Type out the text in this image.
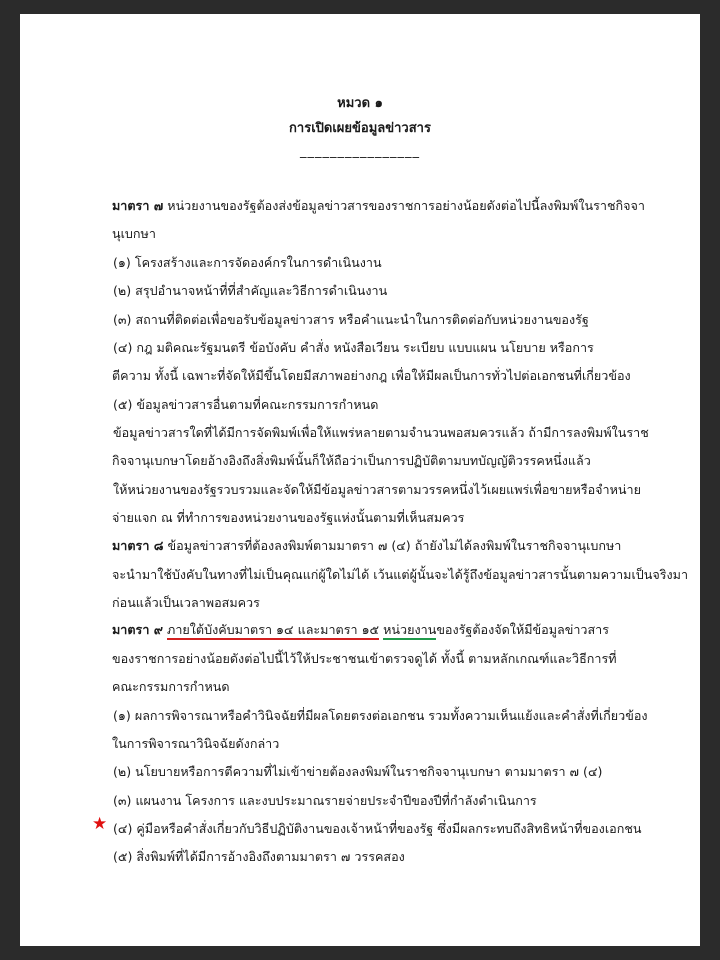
หมวด ๑
การเปิดเผยข้อมูลข่าวสาร
________________
มาตรา ๗ หน่วยงานของรัฐต้องส่งข้อมูลข่าวสารของราชการอย่างน้อยดังต่อไปนี้ลงพิมพ์ในราชกิจจา
นุเบกษา
(๑) โครงสร้างและการจัดองค์กรในการดำเนินงาน
(๒) สรุปอำนาจหน้าที่ที่สำคัญและวิธีการดำเนินงาน
(๓) สถานที่ติดต่อเพื่อขอรับข้อมูลข่าวสาร หรือคำแนะนำในการติดต่อกับหน่วยงานของรัฐ
(๔) กฎ มติคณะรัฐมนตรี ข้อบังคับ คำสั่ง หนังสือเวียน ระเบียบ แบบแผน นโยบาย หรือการ
ตีความ ทั้งนี้ เฉพาะที่จัดให้มีขึ้นโดยมีสภาพอย่างกฎ เพื่อให้มีผลเป็นการทั่วไปต่อเอกชนที่เกี่ยวข้อง
(๕) ข้อมูลข่าวสารอื่นตามที่คณะกรรมการกำหนด
ข้อมูลข่าวสารใดที่ได้มีการจัดพิมพ์เพื่อให้แพร่หลายตามจำนวนพอสมควรแล้ว ถ้ามีการลงพิมพ์ในราช
กิจจานุเบกษาโดยอ้างอิงถึงสิ่งพิมพ์นั้นก็ให้ถือว่าเป็นการปฏิบัติตามบทบัญญัติวรรคหนึ่งแล้ว
ให้หน่วยงานของรัฐรวบรวมและจัดให้มีข้อมูลข่าวสารตามวรรคหนึ่งไว้เผยแพร่เพื่อขายหรือจำหน่าย
จ่ายแจก ณ ที่ทำการของหน่วยงานของรัฐแห่งนั้นตามที่เห็นสมควร
มาตรา ๘ ข้อมูลข่าวสารที่ต้องลงพิมพ์ตามมาตรา ๗ (๔) ถ้ายังไม่ได้ลงพิมพ์ในราชกิจจานุเบกษา
จะนำมาใช้บังคับในทางที่ไม่เป็นคุณแก่ผู้ใดไม่ได้ เว้นแต่ผู้นั้นจะได้รู้ถึงข้อมูลข่าวสารนั้นตามความเป็นจริงมา
ก่อนแล้วเป็นเวลาพอสมควร
มาตรา ๙ ภายใต้บังคับมาตรา ๑๔ และมาตรา ๑๕ หน่วยงานของรัฐต้องจัดให้มีข้อมูลข่าวสาร
ของราชการอย่างน้อยดังต่อไปนี้ไว้ให้ประชาชนเข้าตรวจดูได้ ทั้งนี้ ตามหลักเกณฑ์และวิธีการที่
คณะกรรมการกำหนด
(๑) ผลการพิจารณาหรือคำวินิจฉัยที่มีผลโดยตรงต่อเอกชน รวมทั้งความเห็นแย้งและคำสั่งที่เกี่ยวข้อง
ในการพิจารณาวินิจฉัยดังกล่าว
(๒) นโยบายหรือการตีความที่ไม่เข้าข่ายต้องลงพิมพ์ในราชกิจจานุเบกษา ตามมาตรา ๗ (๔)
(๓) แผนงาน โครงการ และงบประมาณรายจ่ายประจำปีของปีที่กำลังดำเนินการ
★ (๔) คู่มือหรือคำสั่งเกี่ยวกับวิธีปฏิบัติงานของเจ้าหน้าที่ของรัฐ ซึ่งมีผลกระทบถึงสิทธิหน้าที่ของเอกชน
(๕) สิ่งพิมพ์ที่ได้มีการอ้างอิงถึงตามมาตรา ๗ วรรคสอง
